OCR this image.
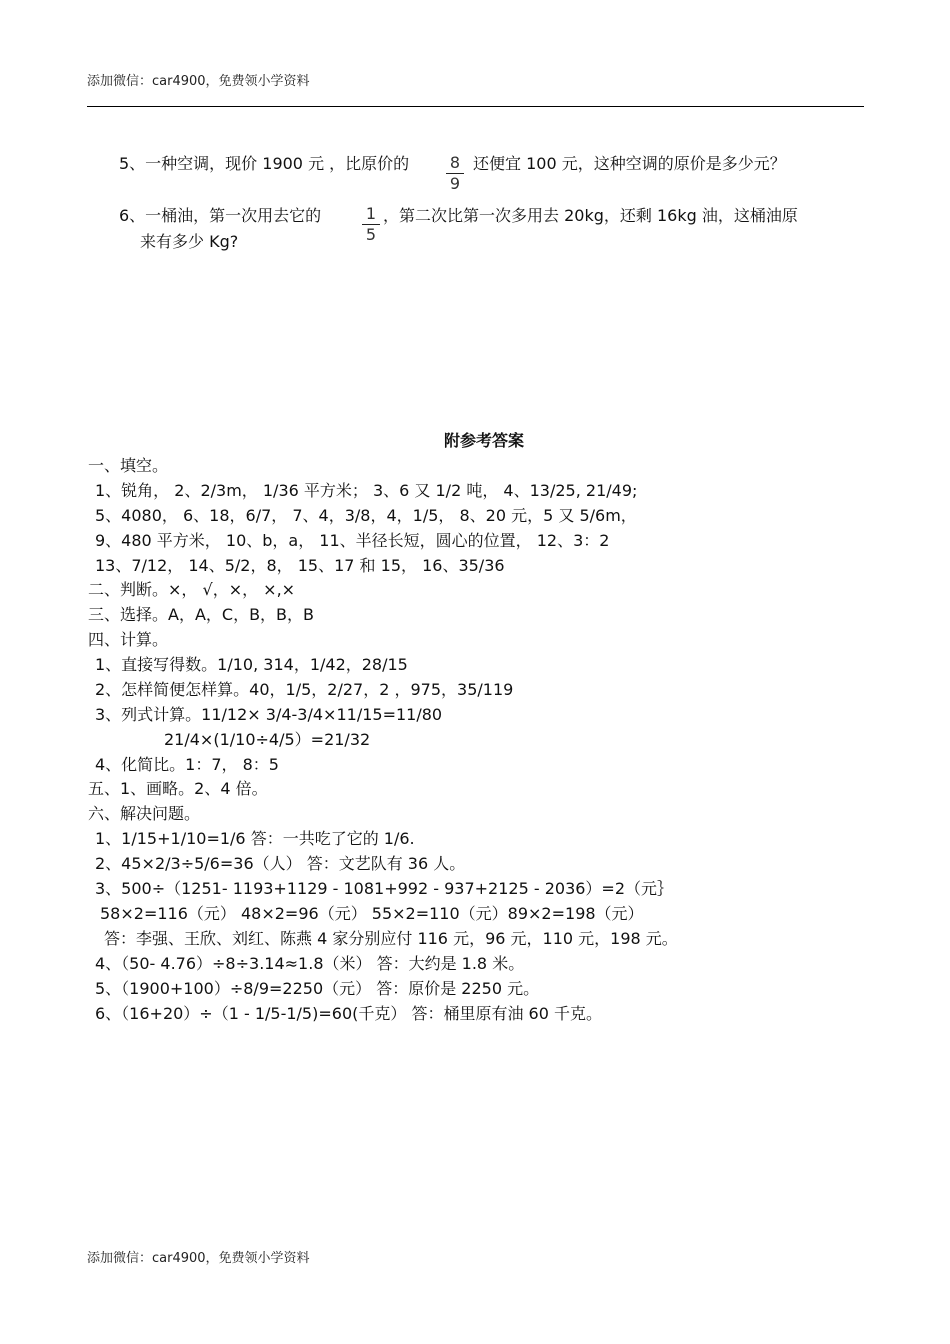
添加微信：car4900，免费领小学资料
5、一种空调，现价 1900 元 ，比原价的	8
9
还便宜 100 元，这种空调的原价是多少元？
6、一桶油，第一次用去它的	1
5
，第二次比第一次多用去 20kg，还剩 16kg 油，这桶油原
来有多少 Kg?
附参考答案
一、填空。
1、锐角， 2、2/3m， 1/36 平方米； 3、6 又 1/2 吨， 4、13/25, 21/49;
5、4080， 6、18，6/7， 7、4，3/8，4，1/5， 8、20 元，5 又 5/6m，
9、480 平方米， 10、b，a， 11、半径长短，圆心的位置， 12、3：2
13、7/12， 14、5/2，8， 15、17 和 15， 16、35/36
二、判断。×， √，×， ×,×
三、选择。A，A，C，B，B，B
四、计算。
1、直接写得数。1/10, 314，1/42，28/15
2、怎样简便怎样算。40，1/5，2/27，2 ，975，35/119
3、列式计算。11/12× 3/4-3/4×11/15=11/80
21/4×(1/10÷4/5）=21/32
4、化简比。1：7， 8：5
五、1、画略。2、4 倍。
六、解决问题。
1、1/15+1/10=1/6 答：一共吃了它的 1/6.
2、45×2/3÷5/6=36（人） 答：文艺队有 36 人。
3、500÷（1251- 1193+1129 - 1081+992 - 937+2125 - 2036）=2（元｝
58×2=116（元） 48×2=96（元） 55×2=110（元）89×2=198（元）
答：李强、王欣、刘红、陈燕 4 家分别应付 116 元，96 元，110 元，198 元。
4、（50- 4.76）÷8÷3.14≈1.8（米） 答：大约是 1.8 米。
5、（1900+100）÷8/9=2250（元） 答：原价是 2250 元。
6、（16+20）÷（1 - 1/5-1/5)=60(千克） 答：桶里原有油 60 千克。
添加微信：car4900，免费领小学资料
